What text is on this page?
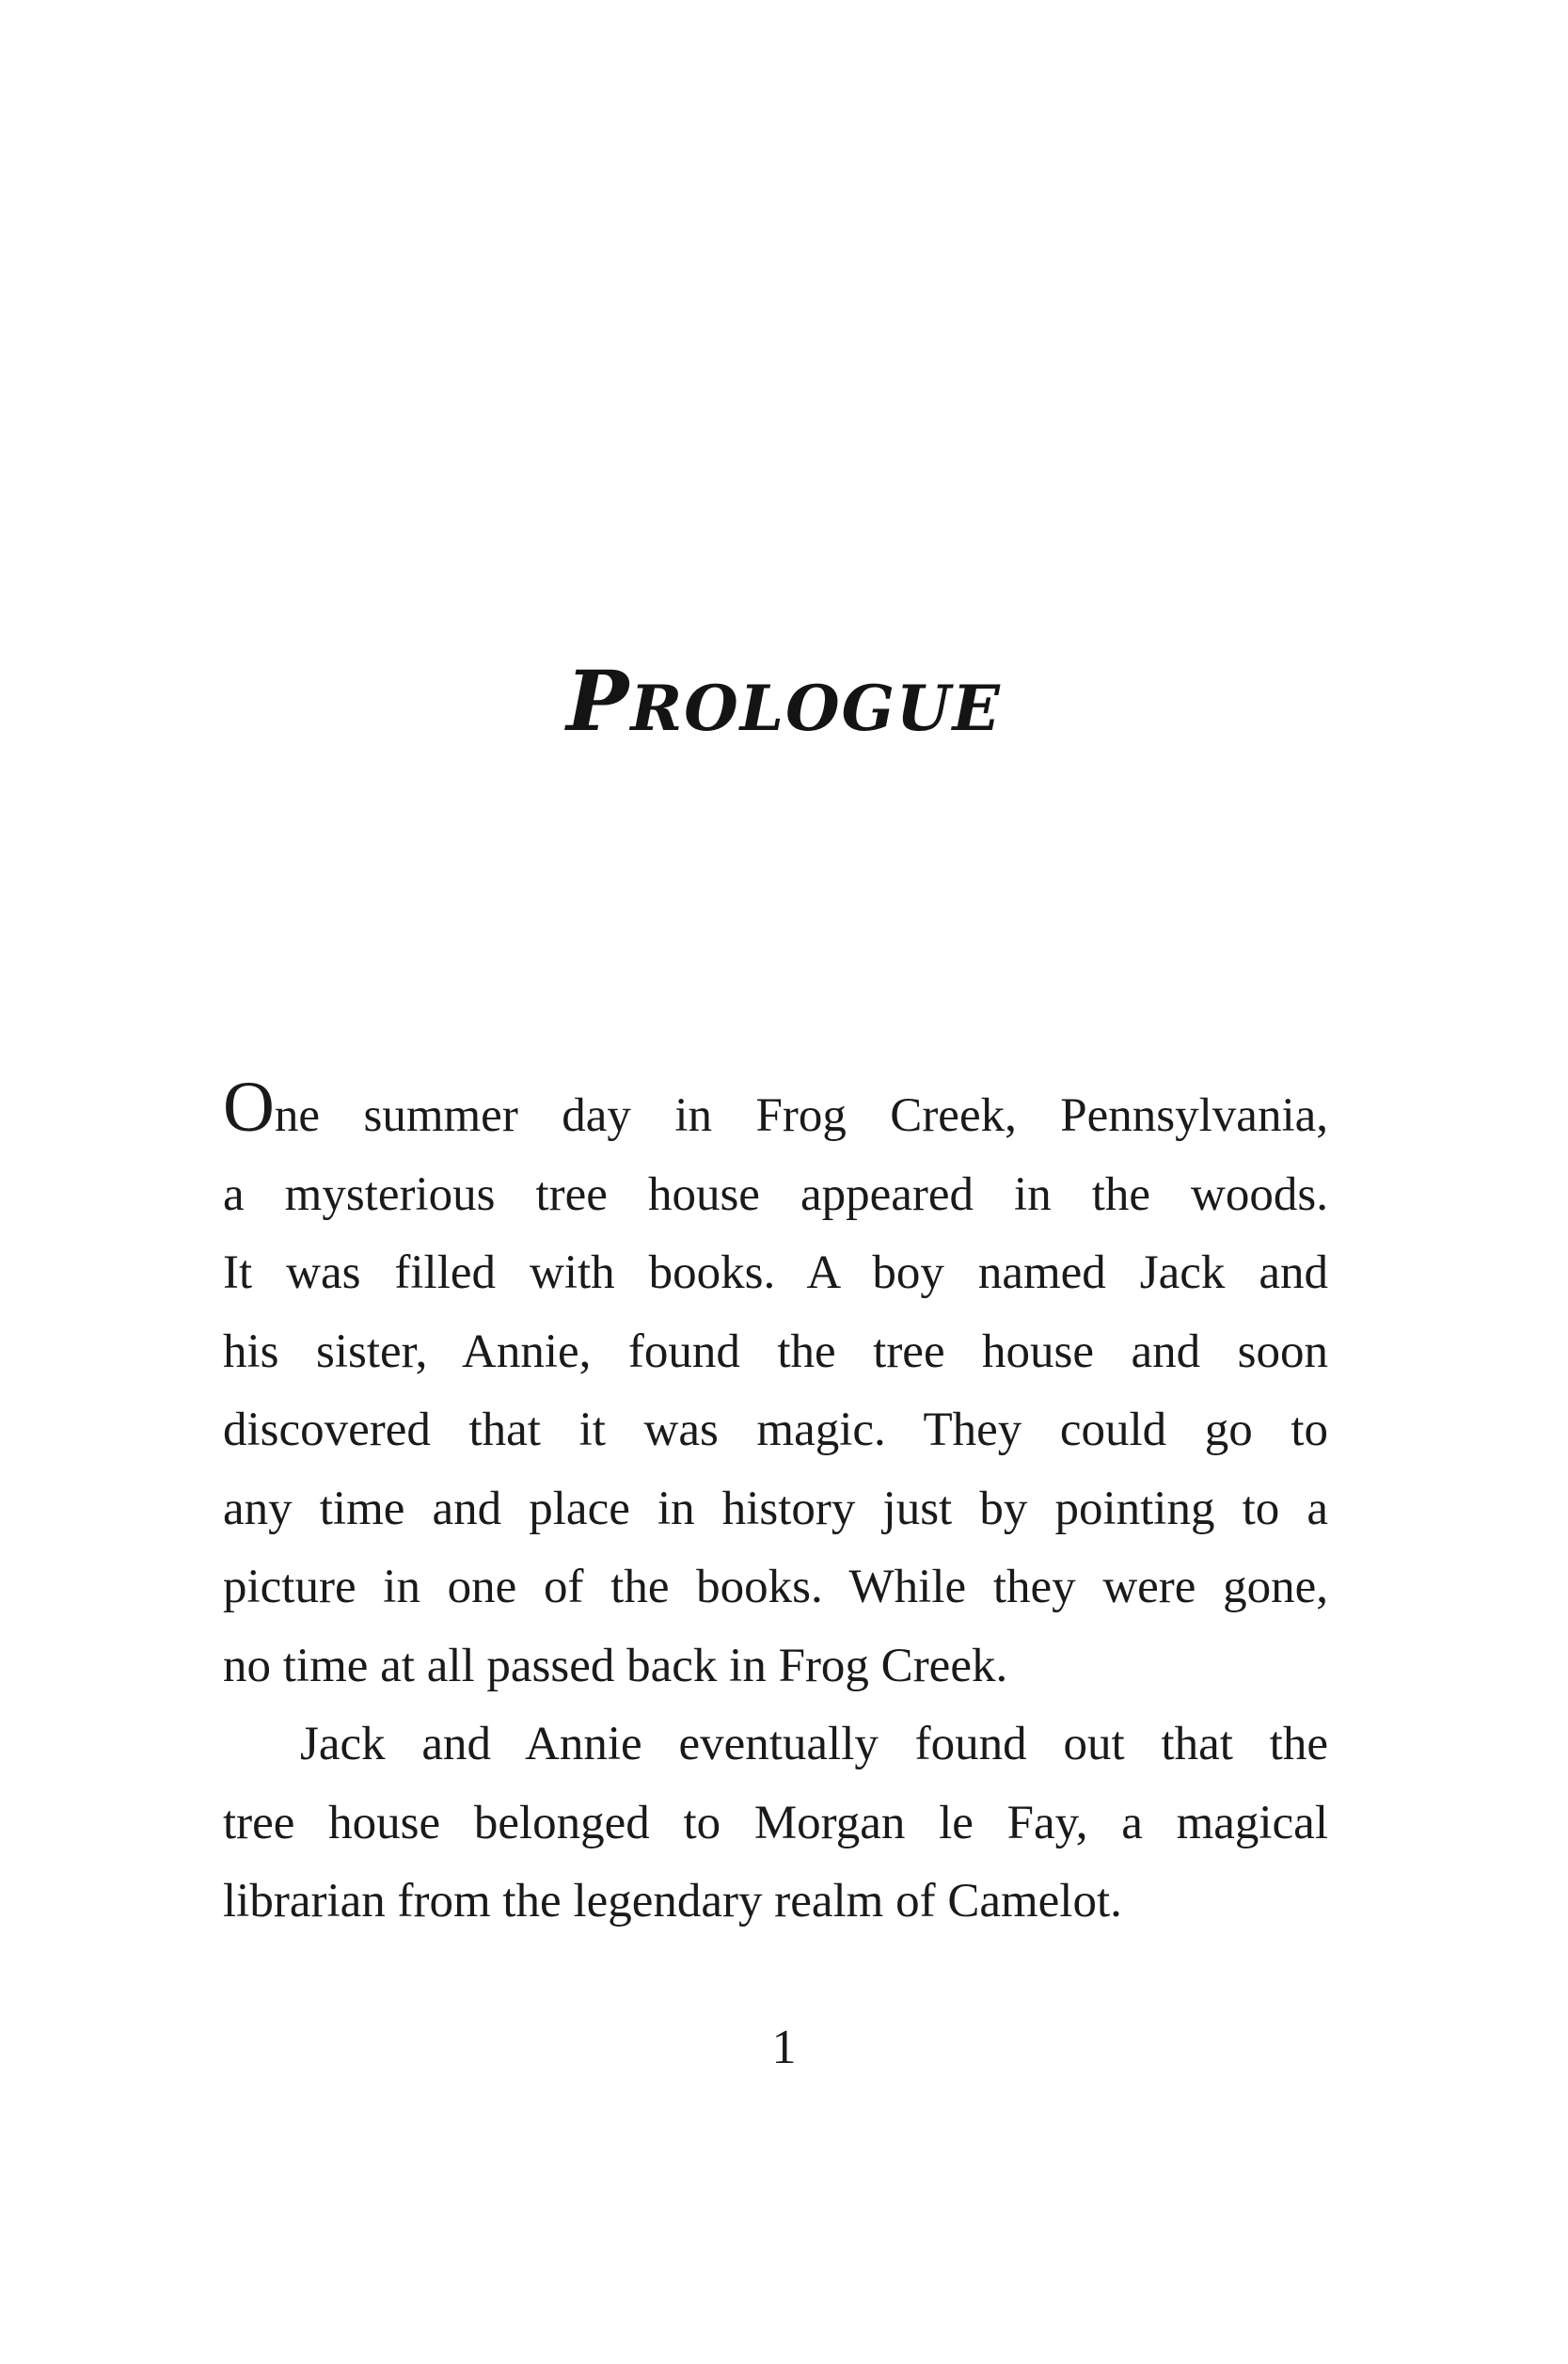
PROLOGUE
One summer day in Frog Creek, Pennsylvania,
a mysterious tree house appeared in the woods.
It was filled with books. A boy named Jack and
his sister, Annie, found the tree house and soon
discovered that it was magic. They could go to
any time and place in history just by pointing to a
picture in one of the books. While they were gone,
no time at all passed back in Frog Creek.
Jack and Annie eventually found out that the
tree house belonged to Morgan le Fay, a magical
librarian from the legendary realm of Camelot.
1
